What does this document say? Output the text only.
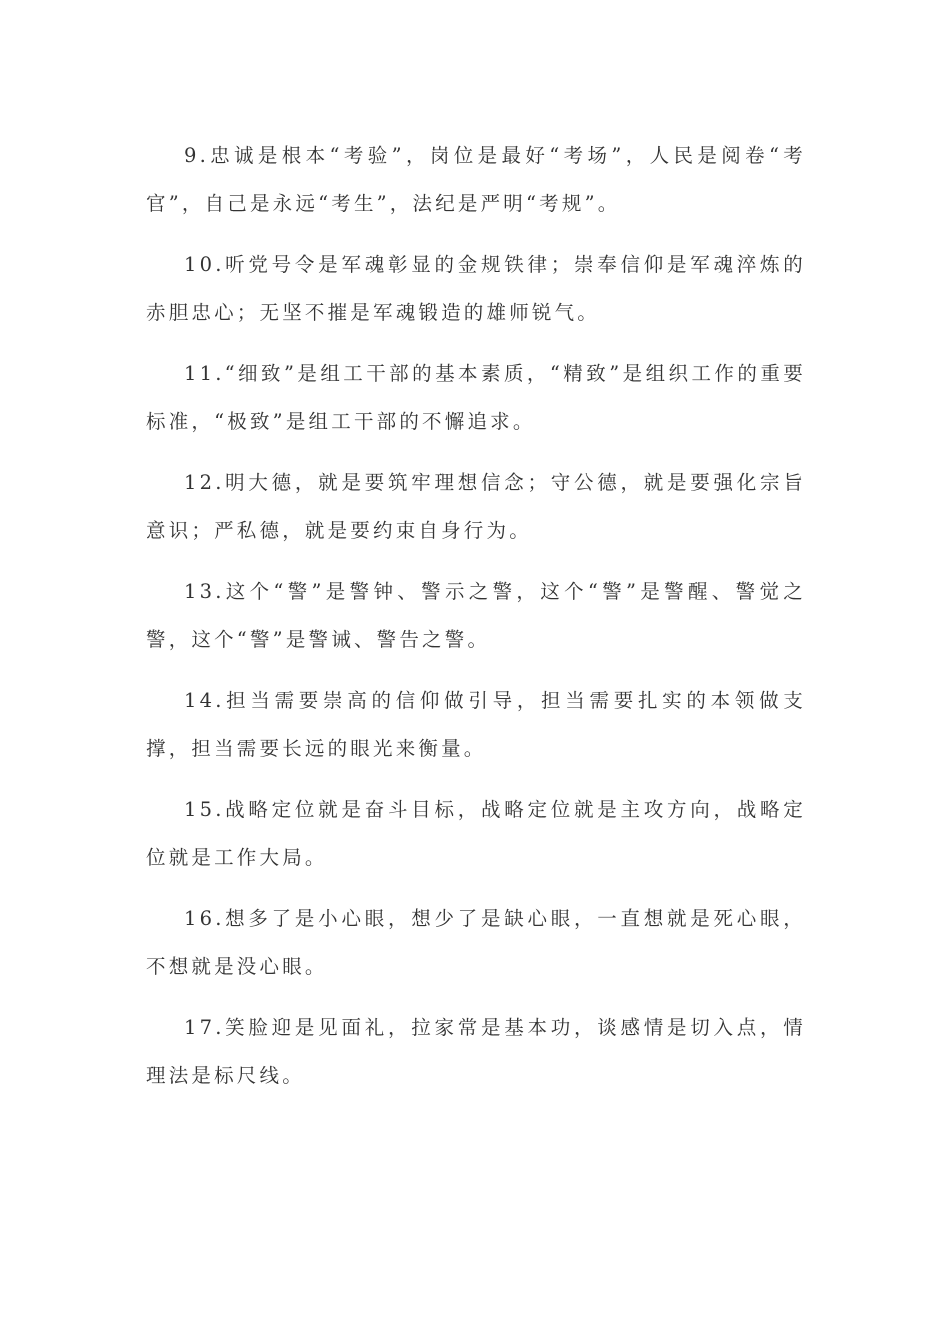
9.忠诚是根本“考验”，岗位是最好“考场”，人民是阅卷“考官”，自己是永远“考生”，法纪是严明“考规”。

10.听党号令是军魂彰显的金规铁律；崇奉信仰是军魂淬炼的赤胆忠心；无坚不摧是军魂锻造的雄师锐气。

11.“细致”是组工干部的基本素质，“精致”是组织工作的重要标准，“极致”是组工干部的不懈追求。

12.明大德，就是要筑牢理想信念；守公德，就是要强化宗旨意识；严私德，就是要约束自身行为。

13.这个“警”是警钟、警示之警，这个“警”是警醒、警觉之警，这个“警”是警诫、警告之警。

14.担当需要崇高的信仰做引导，担当需要扎实的本领做支撑，担当需要长远的眼光来衡量。

15.战略定位就是奋斗目标，战略定位就是主攻方向，战略定位就是工作大局。

16.想多了是小心眼，想少了是缺心眼，一直想就是死心眼，不想就是没心眼。

17.笑脸迎是见面礼，拉家常是基本功，谈感情是切入点，情理法是标尺线。
